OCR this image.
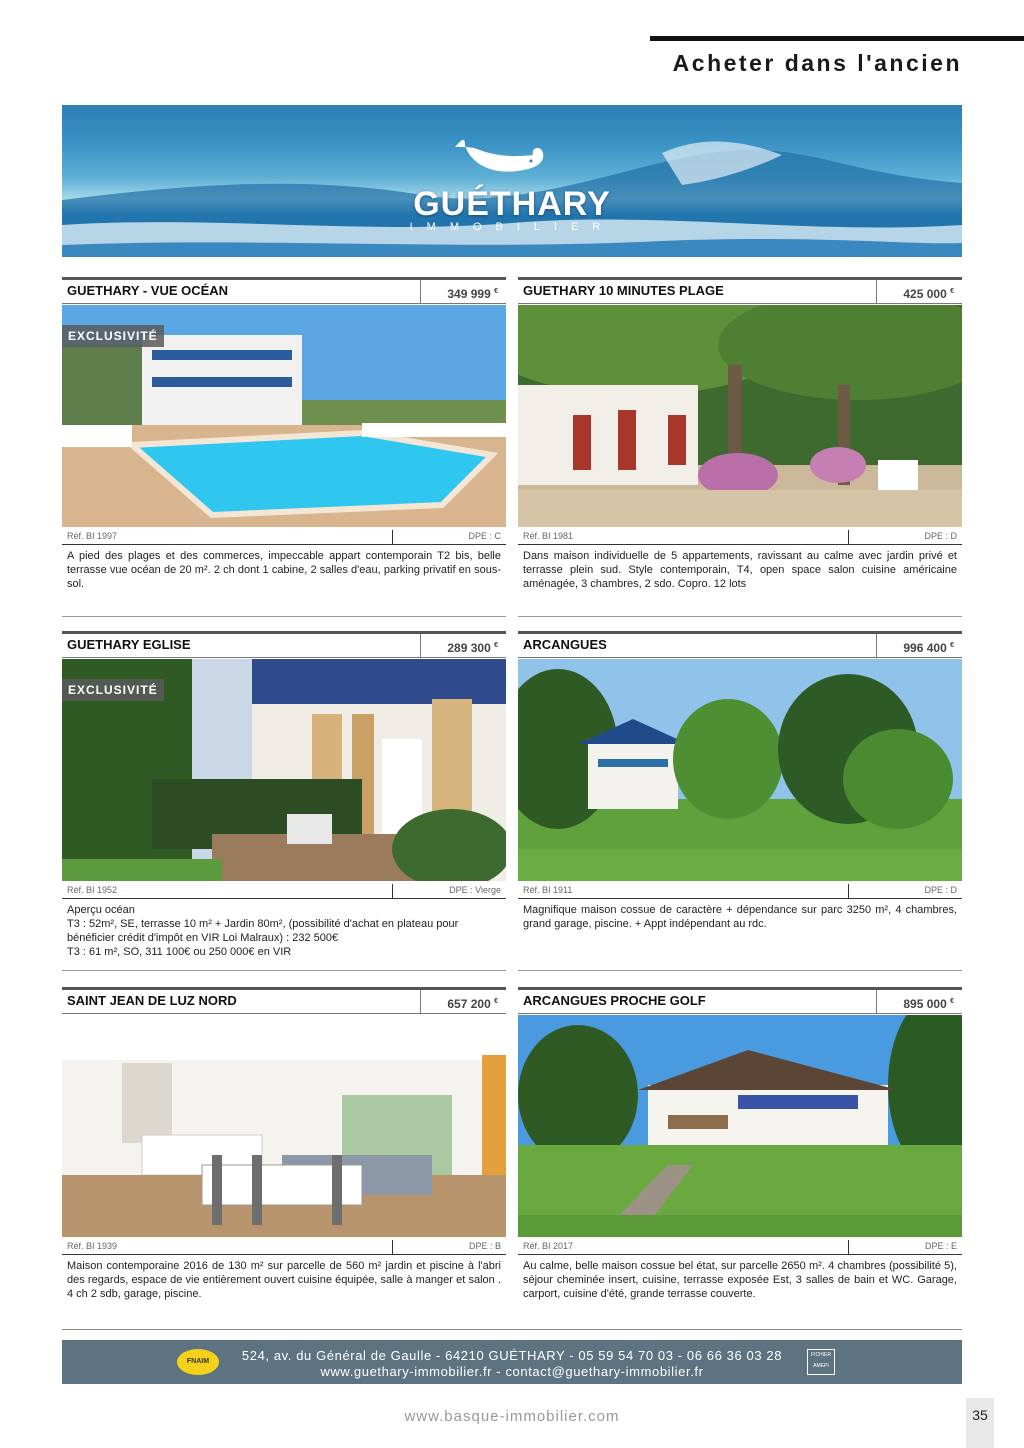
Acheter dans l'ancien
GUÉTHARY
IMMOBILIER
GUETHARY - VUE OCÉAN	349 999 €
EXCLUSIVITÉ
Réf. BI 1997	DPE : C
A pied des plages et des commerces, impeccable appart contemporain T2 bis, belle terrasse vue océan de 20 m². 2 ch dont 1 cabine, 2 salles d'eau, parking privatif en sous-sol.
GUETHARY 10 MINUTES PLAGE	425 000 €
Réf. BI 1981	DPE : D
Dans maison individuelle de 5 appartements, ravissant au calme avec jardin privé et terrasse plein sud. Style contemporain, T4, open space salon cuisine américaine aménagée, 3 chambres, 2 sdo. Copro. 12 lots
GUETHARY EGLISE	289 300 €
EXCLUSIVITÉ
Réf. BI 1952	DPE : Vierge
Aperçu océan
T3 : 52m², SE, terrasse 10 m² + Jardin 80m², (possibilité d'achat en plateau pour bénéficier crédit d'impôt en VIR Loi Malraux) : 232 500€
T3 : 61 m², SO, 311 100€ ou 250 000€ en VIR
ARCANGUES	996 400 €
Réf. BI 1911	DPE : D
Magnifique maison cossue de caractère + dépendance sur parc 3250 m², 4 chambres, grand garage, piscine. + Appt indépendant au rdc.
SAINT JEAN DE LUZ NORD	657 200 €
Réf. BI 1939	DPE : B
Maison contemporaine 2016 de 130 m² sur parcelle de 560 m² jardin et piscine à l'abri des regards, espace de vie entièrement ouvert cuisine équipée, salle à manger et salon . 4 ch 2 sdb, garage, piscine.
ARCANGUES PROCHE GOLF	895 000 €
Réf. BI 2017	DPE : E
Au calme, belle maison cossue bel état, sur parcelle 2650 m². 4 chambres (possibilité 5), séjour cheminée insert, cuisine, terrasse exposée Est, 3 salles de bain et WC. Garage, carport, cuisine d'été, grande terrasse couverte.
FNAIM	524, av. du Général de Gaulle - 64210 GUÉTHARY - 05 59 54 70 03 - 06 66 36 03 28
www.guethary-immobilier.fr - contact@guethary-immobilier.fr
FICHIER AMEPI
www.basque-immobilier.com	35
